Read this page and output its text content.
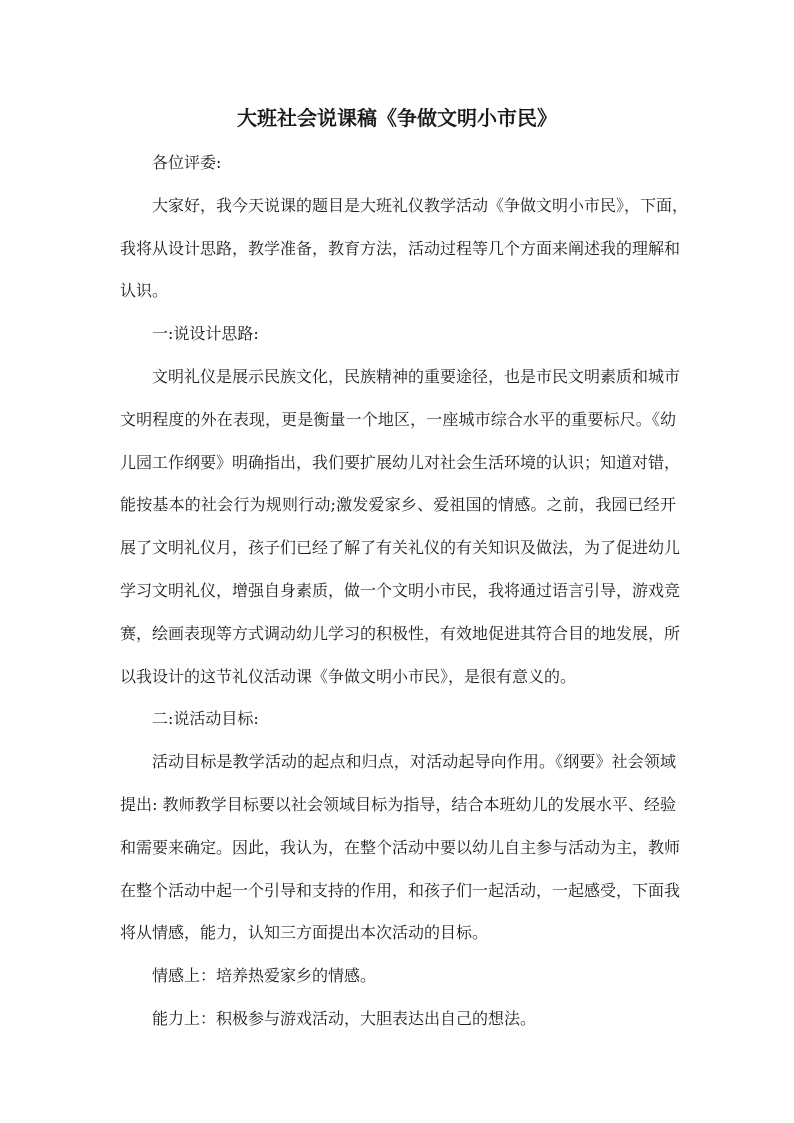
大班社会说课稿《争做文明小市民》
各位评委:
大家好，我今天说课的题目是大班礼仪教学活动《争做文明小市民》，下面，
我将从设计思路，教学准备，教育方法，活动过程等几个方面来阐述我的理解和
认识。
一:说设计思路:
文明礼仪是展示民族文化，民族精神的重要途径，也是市民文明素质和城市
文明程度的外在表现，更是衡量一个地区，一座城市综合水平的重要标尺。《幼
儿园工作纲要》明确指出，我们要扩展幼儿对社会生活环境的认识；知道对错，
能按基本的社会行为规则行动;激发爱家乡、爱祖国的情感。之前，我园已经开
展了文明礼仪月，孩子们已经了解了有关礼仪的有关知识及做法，为了促进幼儿
学习文明礼仪，增强自身素质，做一个文明小市民，我将通过语言引导，游戏竞
赛，绘画表现等方式调动幼儿学习的积极性，有效地促进其符合目的地发展，所
以我设计的这节礼仪活动课《争做文明小市民》，是很有意义的。
二:说活动目标:
活动目标是教学活动的起点和归点，对活动起导向作用。《纲要》社会领域
提出: 教师教学目标要以社会领域目标为指导，结合本班幼儿的发展水平、经验
和需要来确定。因此，我认为，在整个活动中要以幼儿自主参与活动为主，教师
在整个活动中起一个引导和支持的作用，和孩子们一起活动，一起感受，下面我
将从情感，能力，认知三方面提出本次活动的目标。
情感上：培养热爱家乡的情感。
能力上：积极参与游戏活动，大胆表达出自己的想法。
